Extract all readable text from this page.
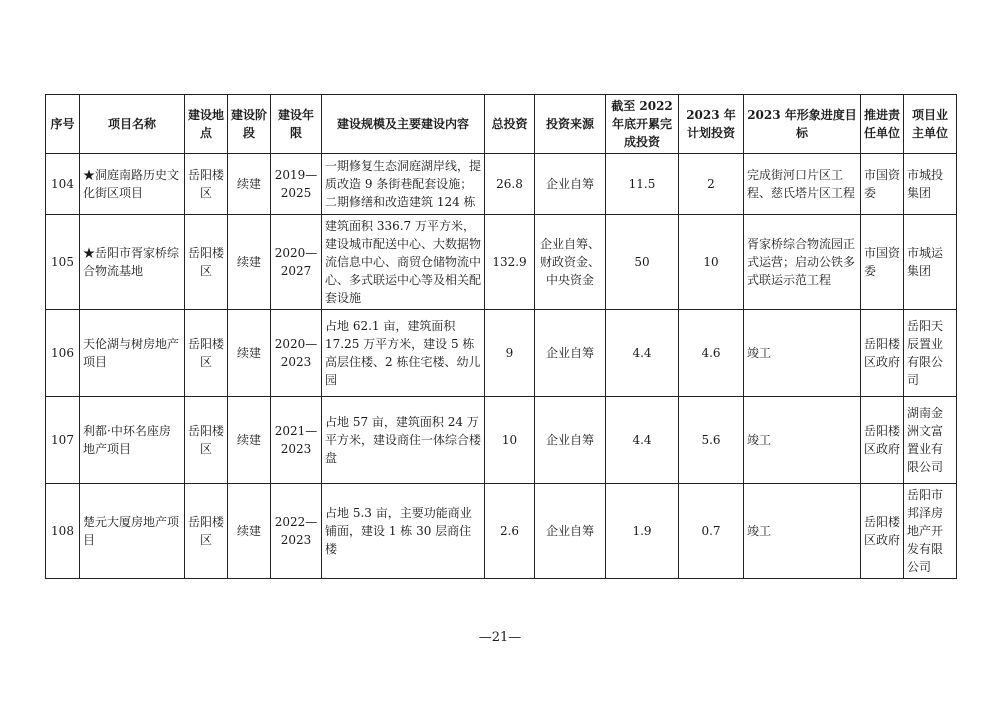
序号	项目名称	建设地点	建设阶段	建设年限	建设规模及主要建设内容	总投资	投资来源	截至 2022 年底开累完成投资	2023 年计划投资	2023 年形象进度目标	推进责任单位	项目业主单位
104	★洞庭南路历史文化街区项目	岳阳楼区	续建	2019—2025	一期修复生态洞庭湖岸线，提质改造 9 条街巷配套设施；二期修缮和改造建筑 124 栋	26.8	企业自筹	11.5	2	完成街河口片区工程、慈氏塔片区工程	市国资委	市城投集团
105	★岳阳市胥家桥综合物流基地	岳阳楼区	续建	2020—2027	建筑面积 336.7 万平方米，建设城市配送中心、大数据物流信息中心、商贸仓储物流中心、多式联运中心等及相关配套设施	132.9	企业自筹、财政资金、中央资金	50	10	胥家桥综合物流园正式运营；启动公铁多式联运示范工程	市国资委	市城运集团
106	天伦湖与树房地产项目	岳阳楼区	续建	2020—2023	占地 62.1 亩，建筑面积 17.25 万平方米，建设 5 栋高层住楼、2 栋住宅楼、幼儿园	9	企业自筹	4.4	4.6	竣工	岳阳楼区政府	岳阳天辰置业有限公司
107	利都·中环名座房地产项目	岳阳楼区	续建	2021—2023	占地 57 亩，建筑面积 24 万平方米，建设商住一体综合楼盘	10	企业自筹	4.4	5.6	竣工	岳阳楼区政府	湖南金洲文富置业有限公司
108	楚元大厦房地产项目	岳阳楼区	续建	2022—2023	占地 5.3 亩，主要功能商业铺面，建设 1 栋 30 层商住楼	2.6	企业自筹	1.9	0.7	竣工	岳阳楼区政府	岳阳市邦泽房地产开发有限公司
—21—
